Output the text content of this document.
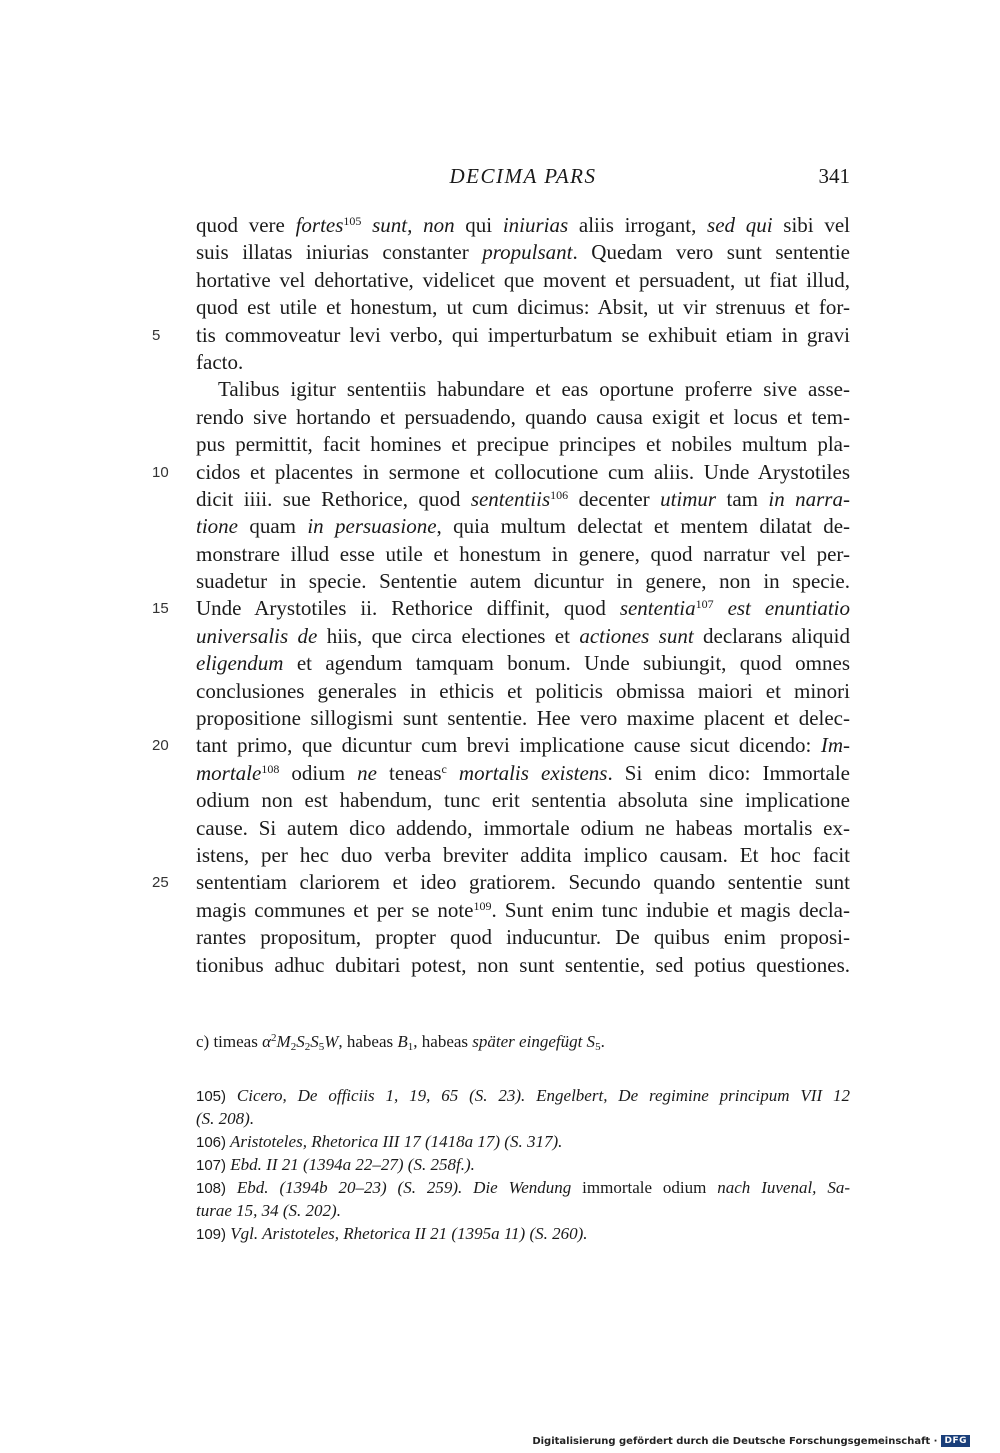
DECIMA PARS	341
quod vere fortes$^{105}$ sunt, non qui iniurias aliis irrogant, sed qui sibi vel
suis illatas iniurias constanter propulsant. Quedam vero sunt sententie
hortative vel dehortative, videlicet que movent et persuadent, ut fiat illud,
quod est utile et honestum, ut cum dicimus: Absit, ut vir strenuus et for-
5 tis commoveatur levi verbo, qui imperturbatum se exhibuit etiam in gravi
facto.
Talibus igitur sententiis habundare et eas oportune proferre sive asse-
rendo sive hortando et persuadendo, quando causa exigit et locus et tem-
pus permittit, facit homines et precipue principes et nobiles multum pla-
10 cidos et placentes in sermone et collocutione cum aliis. Unde Arystotiles
dicit iiii. sue Rethorice, quod sententiis$^{106}$ decenter utimur tam in narra-
tione quam in persuasione, quia multum delectat et mentem dilatat de-
monstrare illud esse utile et honestum in genere, quod narratur vel per-
suadetur in specie. Sententie autem dicuntur in genere, non in specie.
15 Unde Arystotiles ii. Rethorice diffinit, quod sententia$^{107}$ est enuntiatio
universalis de hiis, que circa electiones et actiones sunt declarans aliquid
eligendum et agendum tamquam bonum. Unde subiungit, quod omnes
conclusiones generales in ethicis et politicis obmissa maiori et minori
propositione sillogismi sunt sententie. Hee vero maxime placent et delec-
20 tant primo, que dicuntur cum brevi implicatione cause sicut dicendo: Im-
mortale$^{108}$ odium ne teneas$^c$ mortalis existens. Si enim dico: Immortale
odium non est habendum, tunc erit sententia absoluta sine implicatione
cause. Si autem dico addendo, immortale odium ne habeas mortalis ex-
istens, per hec duo verba breviter addita implico causam. Et hoc facit
25 sententiam clariorem et ideo gratiorem. Secundo quando sententie sunt
magis communes et per se note$^{109}$. Sunt enim tunc indubie et magis decla-
rantes propositum, propter quod inducuntur. De quibus enim proposi-
tionibus adhuc dubitari potest, non sunt sententie, sed potius questiones.
c) timeas $\alpha^2M_2S_2S_5W$, habeas $B_1$, habeas später eingefügt $S_5$.
105) Cicero, De officiis 1, 19, 65 (S. 23). Engelbert, De regimine principum VII 12
(S. 208).
106) Aristoteles, Rhetorica III 17 (1418a 17) (S. 317).
107) Ebd. II 21 (1394a 22–27) (S. 258f.).
108) Ebd. (1394b 20–23) (S. 259). Die Wendung immortale odium nach Iuvenal, Sa-
turae 15, 34 (S. 202).
109) Vgl. Aristoteles, Rhetorica II 21 (1395a 11) (S. 260).
Digitalisierung gefördert durch die Deutsche Forschungsgemeinschaft · DFG
